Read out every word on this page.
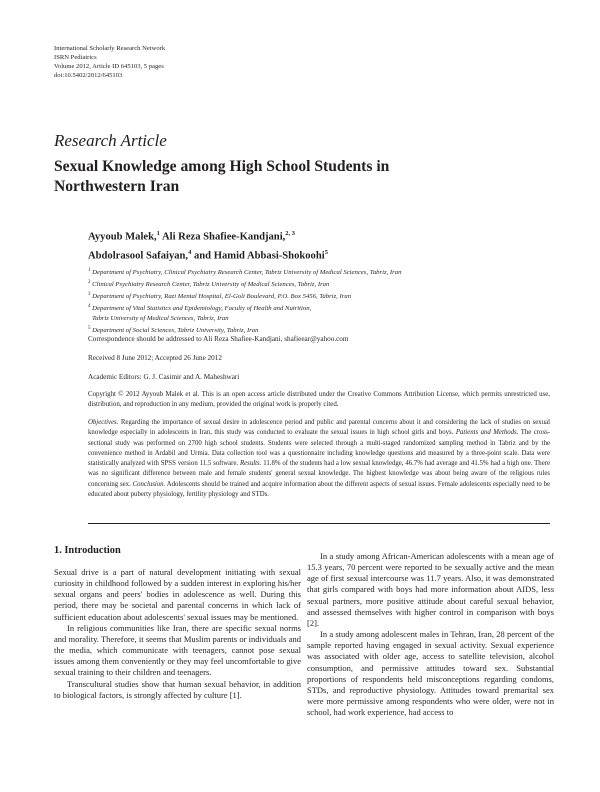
International Scholarly Research Network
ISRN Pediatrics
Volume 2012, Article ID 645103, 5 pages
doi:10.5402/2012/645103
Research Article
Sexual Knowledge among High School Students in Northwestern Iran
Ayyoub Malek,$^1$ Ali Reza Shafiee-Kandjani,$^{2, 3}$
Abdolrasool Safaiyan,$^4$ and Hamid Abbasi-Shokoohi$^5$
$^1$ Department of Psychiatry, Clinical Psychiatry Research Center, Tabriz University of Medical Sciences, Tabriz, Iran
$^2$ Clinical Psychiatry Research Center, Tabriz University of Medical Sciences, Tabriz, Iran
$^3$ Department of Psychiatry, Razi Mental Hospital, El-Goli Boulevard, P.O. Box 5456, Tabriz, Iran
$^4$ Department of Vital Statistics and Epidemiology, Faculty of Health and Nutrition,
Tabriz University of Medical Sciences, Tabriz, Iran
$^5$ Department of Social Sciences, Tabriz University, Tabriz, Iran
Correspondence should be addressed to Ali Reza Shafiee-Kandjani, shafieear@yahoo.com
Received 8 June 2012; Accepted 26 June 2012
Academic Editors: G. J. Casimir and A. Maheshwari
Copyright © 2012 Ayyoub Malek et al. This is an open access article distributed under the Creative Commons Attribution License, which permits unrestricted use, distribution, and reproduction in any medium, provided the original work is properly cited.
Objectives. Regarding the importance of sexual desire in adolescence period and public and parental concerns about it and considering the lack of studies on sexual knowledge especially in adolescents in Iran, this study was conducted to evaluate the sexual issues in high school girls and boys. Patients and Methods. The cross-sectional study was performed on 2700 high school students. Students were selected through a multi-staged randomized sampling method in Tabriz and by the convenience method in Ardabil and Urmia. Data collection tool was a questionnaire including knowledge questions and measured by a three-point scale. Data were statistically analyzed with SPSS version 11.5 software. Results. 11.8% of the students had a low sexual knowledge, 46.7% had average and 41.5% had a high one. There was no significant difference between male and female students' general sexual knowledge. The highest knowledge was about being aware of the religious rules concerning sex. Conclusion. Adolescents should be trained and acquire information about the different aspects of sexual issues. Female adolescents especially need to be educated about puberty physiology, fertility physiology and STDs.
1. Introduction

Sexual drive is a part of natural development initiating with sexual curiosity in childhood followed by a sudden interest in exploring his/her sexual organs and peers' bodies in adolescence as well. During this period, there may be societal and parental concerns in which lack of sufficient education about adolescents' sexual issues may be mentioned.

In religious communities like Iran, there are specific sexual norms and morality. Therefore, it seems that Muslim parents or individuals and the media, which communicate with teenagers, cannot pose sexual issues among them conveniently or they may feel uncomfortable to give sexual training to their children and teenagers.

Transcultural studies show that human sexual behavior, in addition to biological factors, is strongly affected by culture [1].

In a study among African-American adolescents with a mean age of 15.3 years, 70 percent were reported to be sexually active and the mean age of first sexual intercourse was 11.7 years. Also, it was demonstrated that girls compared with boys had more information about AIDS, less sexual partners, more positive attitude about careful sexual behavior, and assessed themselves with higher control in comparison with boys [2].

In a study among adolescent males in Tehran, Iran, 28 percent of the sample reported having engaged in sexual activity. Sexual experience was associated with older age, access to satellite television, alcohol consumption, and permissive attitudes toward sex. Substantial proportions of respondents held misconceptions regarding condoms, STDs, and reproductive physiology. Attitudes toward premarital sex were more permissive among respondents who were older, were not in school, had work experience, had access to
